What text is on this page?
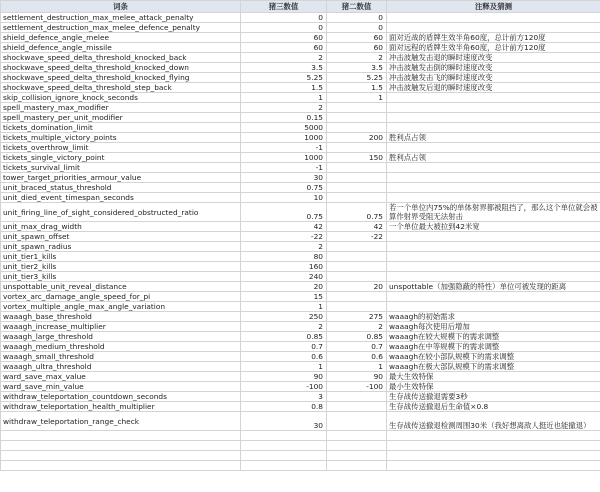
词条	猪三数值	猪二数值	注释及猜测
settlement_destruction_max_melee_attack_penalty	0	0	
settlement_destruction_max_melee_defence_penalty	0	0	
shield_defence_angle_melee	60	60	面对近战的盾牌生效半角60度，总计前方120度
shield_defence_angle_missile	60	60	面对远程的盾牌生效半角60度，总计前方120度
shockwave_speed_delta_threshold_knocked_back	2	2	冲击波触发击退的瞬时速度改变
shockwave_speed_delta_threshold_knocked_down	3.5	3.5	冲击波触发击倒的瞬时速度改变
shockwave_speed_delta_threshold_knocked_flying	5.25	5.25	冲击波触发击飞的瞬时速度改变
shockwave_speed_delta_threshold_step_back	1.5	1.5	冲击波触发后退的瞬时速度改变
skip_collision_ignore_knock_seconds	1	1	
spell_mastery_max_modifier	2		
spell_mastery_per_unit_modifier	0.15		
tickets_domination_limit	5000		
tickets_multiple_victory_points	1000	200	胜利点占领
tickets_overthrow_limit	-1		
tickets_single_victory_point	1000	150	胜利点占领
tickets_survival_limit	-1		
tower_target_priorities_armour_value	30		
unit_braced_status_threshold	0.75		
unit_died_event_timespan_seconds	10		
unit_firing_line_of_sight_considered_obstructed_ratio	0.75	0.75	若一个单位内75%的单体射界都被阻挡了，那么这个单位就会被算作射界受阻无法射击
unit_max_drag_width	42	42	一个单位最大被拉到42米宽
unit_spawn_offset	-22	-22	
unit_spawn_radius	2		
unit_tier1_kills	80		
unit_tier2_kills	160		
unit_tier3_kills	240		
unspottable_unit_reveal_distance	20	20	unspottable（加强隐蔽的特性）单位可被发现的距离
vortex_arc_damage_angle_speed_for_pi	15		
vortex_multiple_angle_max_angle_variation	1		
waaagh_base_threshold	250	275	waaagh的初始需求
waaagh_increase_multiplier	2	2	waaagh每次使用后增加
waaagh_large_threshold	0.85	0.85	waaagh在较大规模下的需求调整
waaagh_medium_threshold	0.7	0.7	waaagh在中等规模下的需求调整
waaagh_small_threshold	0.6	0.6	waaagh在较小部队规模下的需求调整
waaagh_ultra_threshold	1	1	waaagh在极大部队规模下的需求调整
ward_save_max_value	90	90	最大生效特保
ward_save_min_value	-100	-100	最小生效特保
withdraw_teleportation_countdown_seconds	3		生存战传送撤退需要3秒
withdraw_teleportation_health_multiplier	0.8		生存战传送撤退后生命值×0.8
withdraw_teleportation_range_check	30		生存战传送撤退检测周围30米（我好想离敌人挺近也能撤退）
